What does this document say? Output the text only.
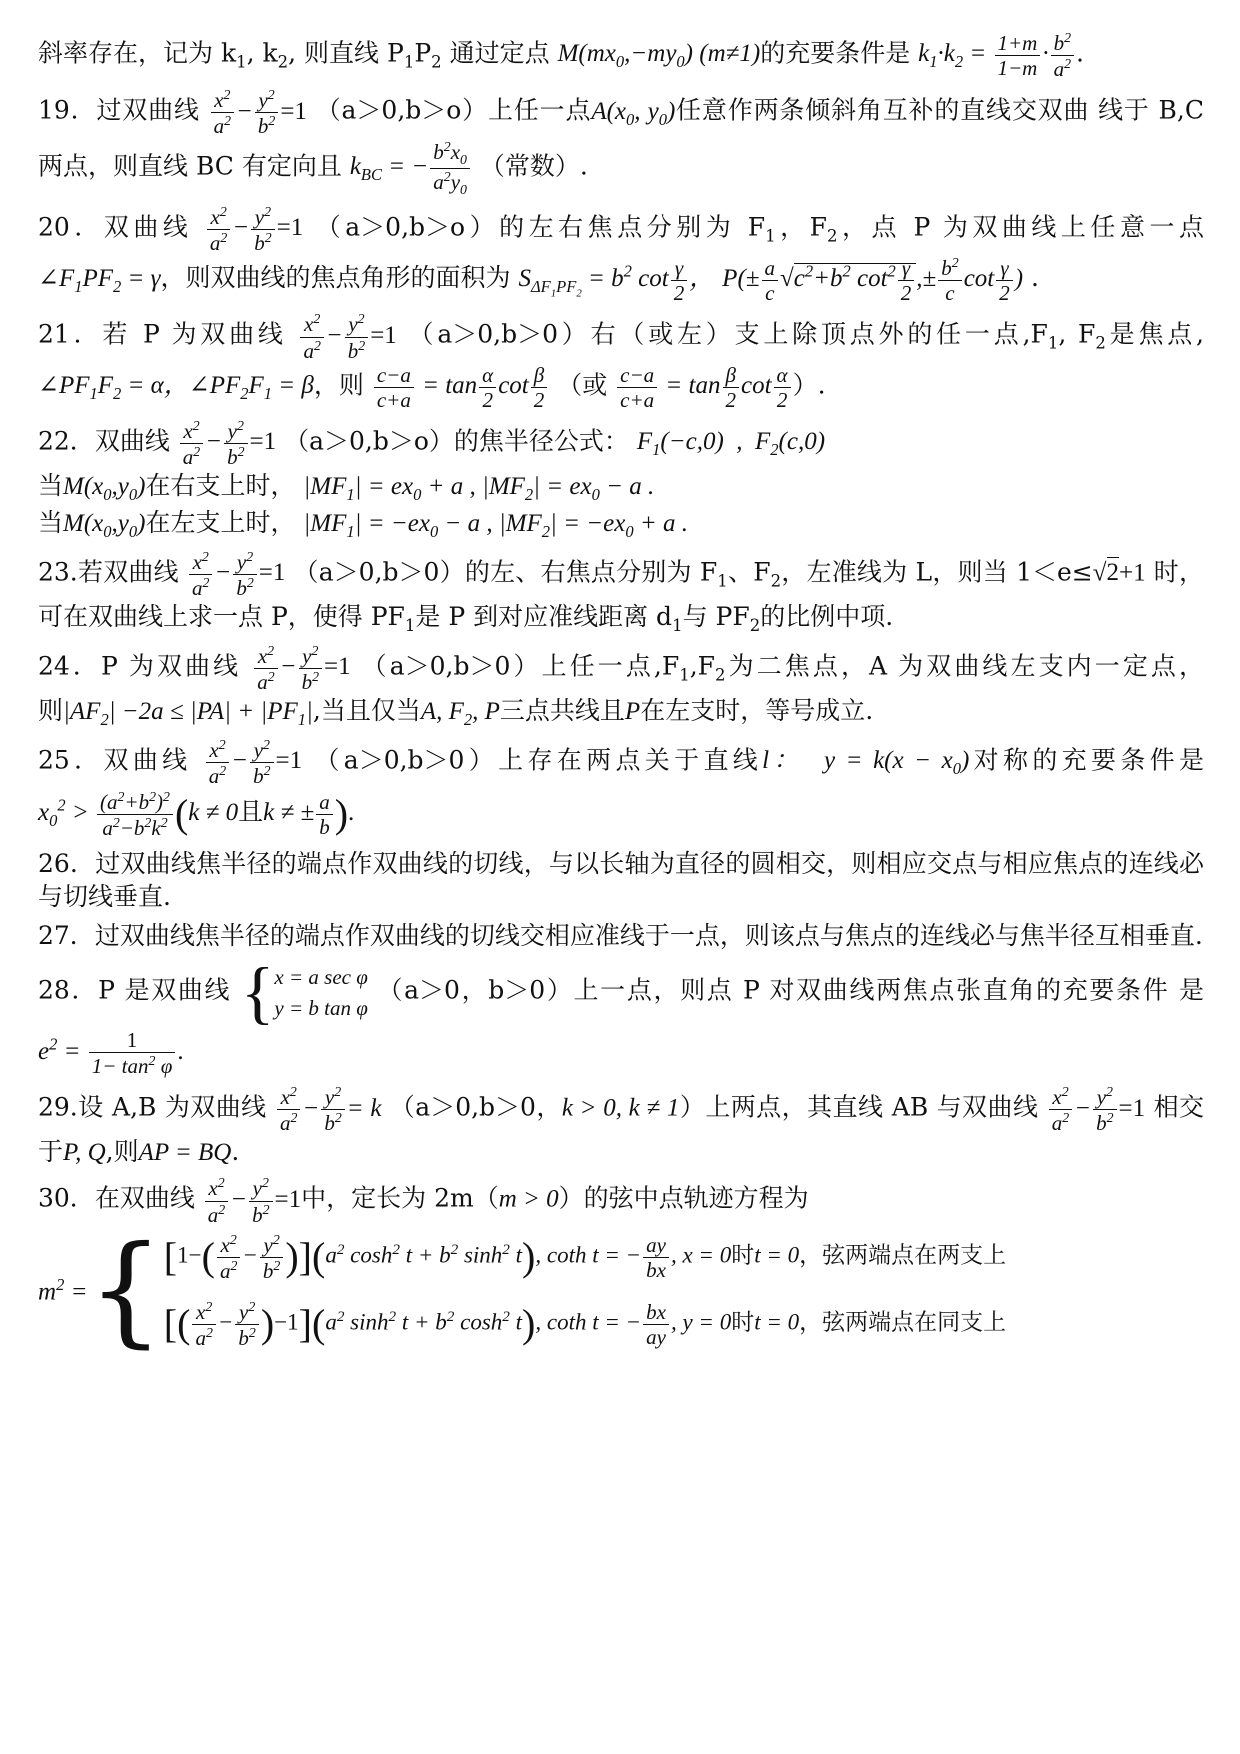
斜率存在，记为 $k_1$, $k_2$, 则直线 $P_1P_2$ 通过定点 $M(mx_0,-my_0)$ (m≠1)的充要条件是 $k_1\cdot k_2 = \frac{1+m}{1-m} \cdot \frac{b^2}{a^2}$ .

19．过双曲线 $\frac{x^2}{a^2} - \frac{y^2}{b^2} =1$ （a＞0,b＞o）上任一点$A(x_0$, $y_0$)任意作两条倾斜角互补的直线交双曲 线于 B,C 两点，则直线 BC 有定向且 $k_{BC}$ = − $\frac{b^2x_0}{a^2y_0}$ （常数）.

20．双曲线 $\frac{x^2}{a^2} - \frac{y^2}{b^2} =1$ （a＞0,b＞o）的左右焦点分别为 $F_1$，$F_2$，点 P 为双曲线上任意一点 $\angle F_1PF_2 = \gamma$，则双曲线的焦点角形的面积为 $S_{\Delta F_1PF_2} = b^2$ $\cot \frac{\gamma}{2}$ ， $P(\pm \frac{a}{c} √c^2+b^2$ $\cot^2 \frac{\gamma}{2}$ ,± $\frac{b^2}{c}$ $\cot \frac{\gamma}{2}$ ) .

21．若 P 为双曲线 $\frac{x^2}{a^2} - \frac{y^2}{b^2} =1$ （a＞0,b＞0）右（或左）支上除顶点外的任一点$,F_1$, $F_2$是焦点, $\angle PF_1F_2 = \alpha$，$\angle PF_2F_1 = \beta$，则 $\frac{c-a}{c+a} = \tan \frac{\alpha}{2}$ $\cot \frac{\beta}{2}$ （或 $\frac{c-a}{c+a} = \tan \frac{\beta}{2}$ $\cot \frac{\alpha}{2}$ ）.

22．双曲线 $\frac{x^2}{a^2} - \frac{y^2}{b^2} =1$ （a＞0,b＞o）的焦半径公式： $F_1(-c,0)$  ,  $F_2(c,0)$
当$M(x_0,y_0)$在右支上时， $|MF_1| = ex_0 + a$ , $|MF_2| = ex_0 - a$ .
当$M(x_0,y_0)$在左支上时， $|MF_1| = -ex_0 - a$ , $|MF_2| = -ex_0 + a$ .

23.若双曲线 $\frac{x^2}{a^2} - \frac{y^2}{b^2} =1$ （a＞0,b＞0）的左、右焦点分别为 $F_1$、$F_2$，左准线为 L，则当 1＜e≤√2+1 时，可在双曲线上求一点 P，使得 $PF_1$是 P 到对应准线距离 $d_1$与 $PF_2$的比例中项.

24．P 为双曲线 $\frac{x^2}{a^2} - \frac{y^2}{b^2} =1$ （a＞0,b＞0）上任一点$,F_1,F_2$为二焦点，A 为双曲线左支内一定点， 则$|AF_2| -2a \le |PA| + |PF_1|$,当且仅当A, $F_2$, P三点共线且P在左支时，等号成立.

25．双曲线 $\frac{x^2}{a^2} - \frac{y^2}{b^2} =1$ （a＞0,b＞0）上存在两点关于直线l：  $y = k(x - x_0)$对称的充要条件是 $x_0^2 > \frac{(a^2+b^2)^2}{a^2-b^2k^2} (k \ne 0$且k ≠ ± $\frac{a}{b}$ ).

26．过双曲线焦半径的端点作双曲线的切线，与以长轴为直径的圆相交，则相应交点与相应焦点的连线必与切线垂直.

27．过双曲线焦半径的端点作双曲线的切线交相应准线于一点，则该点与焦点的连线必与焦半径互相垂直.

28．P 是双曲线 { x = a sec φ
y = b tan φ
（a＞0，b＞0）上一点，则点 P 对双曲线两焦点张直角的充要条件 是 $e^2 = \frac{1}{1- \tan^2 \varphi}$ .

29.设 A,B 为双曲线 $\frac{x^2}{a^2} - \frac{y^2}{b^2} = k$ （a＞0,b＞0，k > 0, k ≠ 1）上两点，其直线 AB 与双曲线 $\frac{x^2}{a^2} - \frac{y^2}{b^2} =1$ 相交于P, Q,则AP = BQ.

30．在双曲线 $\frac{x^2}{a^2} - \frac{y^2}{b^2} =1$中，定长为 2m（m > 0）的弦中点轨迹方程为
$m^2$ = { $[1-( \frac{x^2}{a^2} - \frac{y^2}{b^2} )](a^2$ $\cosh^2 t + b^2$ $\sinh^2 t$), coth t = − $\frac{ay}{bx}$ , x = 0时t = 0，弦两端点在两支上
[( $\frac{x^2}{a^2} - \frac{y^2}{b^2} )-1](a^2$ $\sinh^2 t + b^2$ $\cosh^2 t$), coth t = − $\frac{bx}{ay}$ , y = 0时t = 0，弦两端点在同支上
